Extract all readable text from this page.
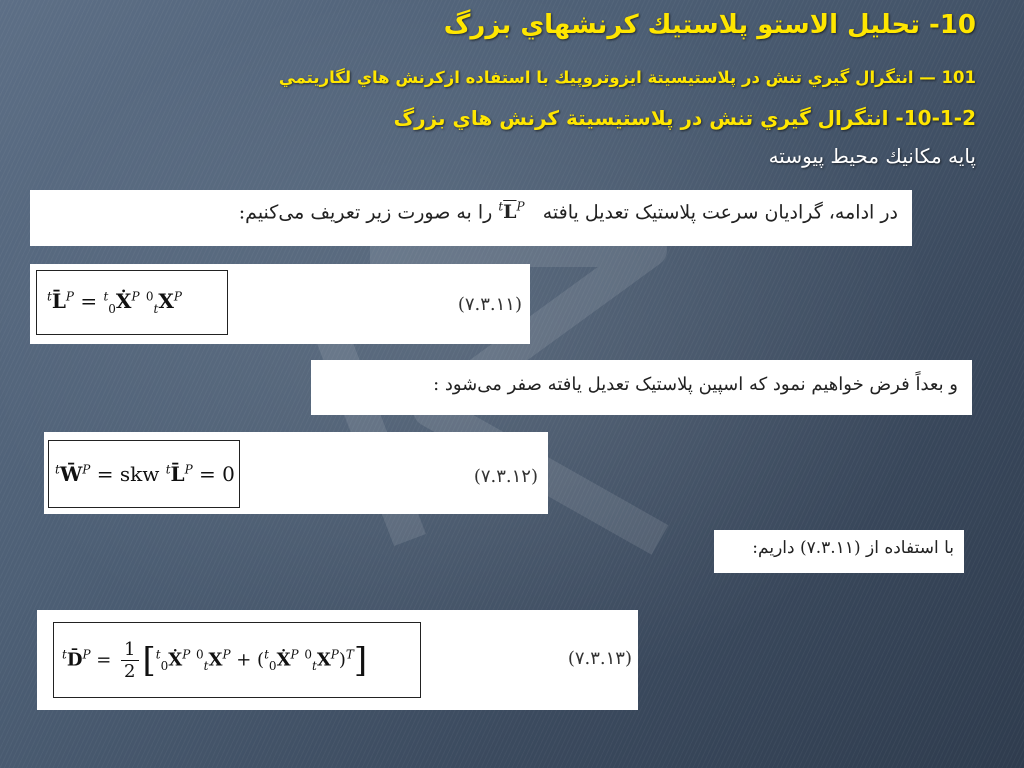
10- تحليل الاستو پلاستيك كرنشهاي بزرگ
101 — انتگرال گيري تنش در پلاستيسيتة ايزوتروپيك با استفاده ازكرنش هاي لگاريتمي
10-1-2- انتگرال گيري تنش در پلاستيسيتة كرنش هاي بزرگ
پايه مكانيك محيط پيوسته
در ادامه، گرادیان سرعت پلاستیک تعدیل یافته $^t\overline{L}^P$ را به صورت زیر تعریف می‌کنیم:
$^t$L̄$^P$ = $^t_0$Ẋ$^P$ $^0_tX^P$	(۷.۳.۱۱)
و بعداً فرض خواهیم نمود که اسپین پلاستیک تعدیل یافته صفر می‌شود :
$^t$W̄$^P$ = skw $^t$L̄$^P$ = 0	(۷.۳.۱۲)
با استفاده از (۷.۳.۱۱) داریم:
$^t$D̄$^P$ = $\frac{1}{2}$ [$^t_0$Ẋ$^P$ $^0_tX^P$ + ($^t_0$Ẋ$^P$ $^0_tX^P)^T$]	(۷.۳.۱۳)
